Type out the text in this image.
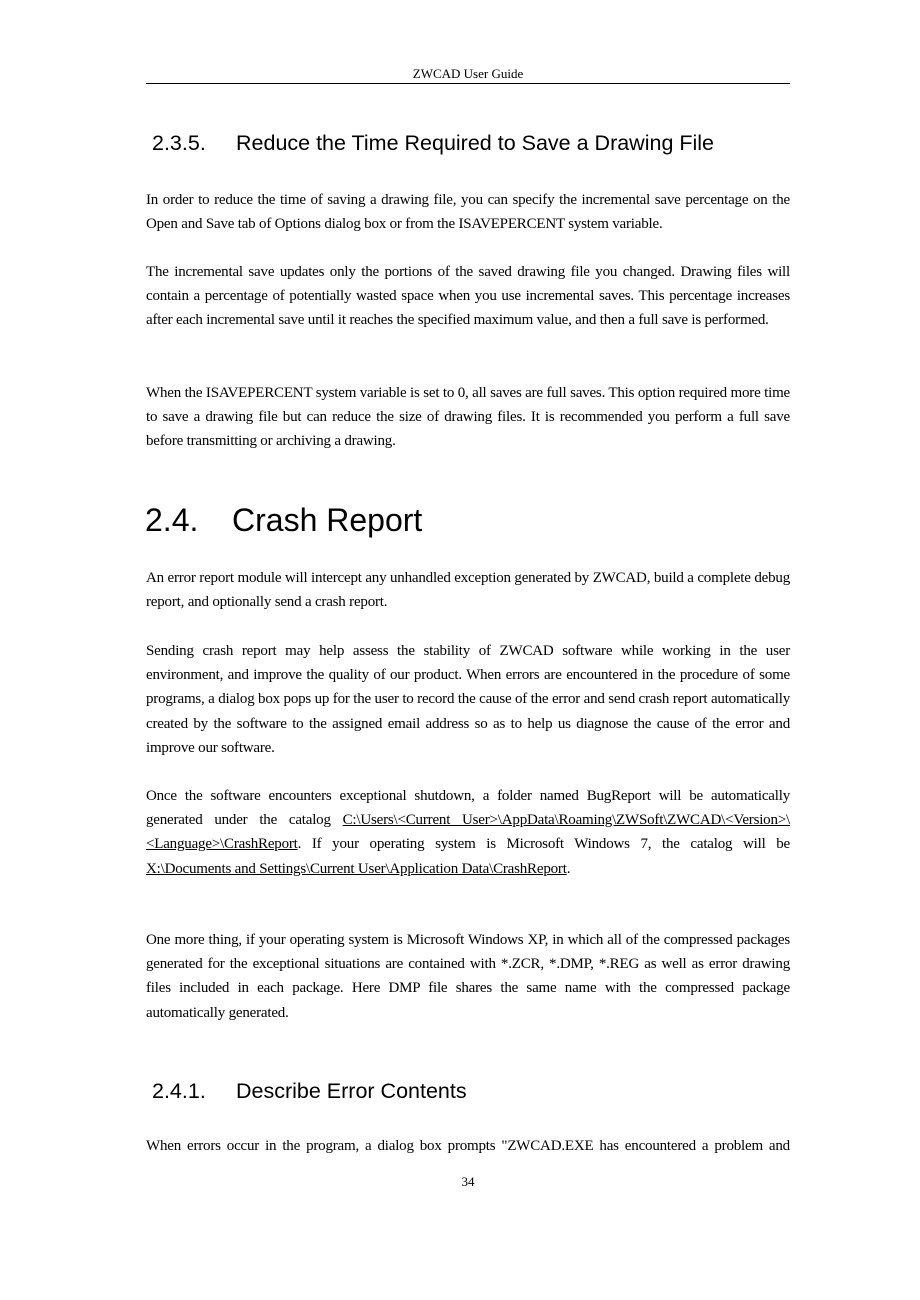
ZWCAD User Guide
2.3.5. Reduce the Time Required to Save a Drawing File

In order to reduce the time of saving a drawing file, you can specify the incremental save percentage on the Open and Save tab of Options dialog box or from the ISAVEPERCENT system variable.

The incremental save updates only the portions of the saved drawing file you changed. Drawing files will contain a percentage of potentially wasted space when you use incremental saves. This percentage increases after each incremental save until it reaches the specified maximum value, and then a full save is performed.

When the ISAVEPERCENT system variable is set to 0, all saves are full saves. This option required more time to save a drawing file but can reduce the size of drawing files. It is recommended you perform a full save before transmitting or archiving a drawing.

2.4. Crash Report

An error report module will intercept any unhandled exception generated by ZWCAD, build a complete debug report, and optionally send a crash report.

Sending crash report may help assess the stability of ZWCAD software while working in the user environment, and improve the quality of our product. When errors are encountered in the procedure of some programs, a dialog box pops up for the user to record the cause of the error and send crash report automatically created by the software to the assigned email address so as to help us diagnose the cause of the error and improve our software.

Once the software encounters exceptional shutdown, a folder named BugReport will be automatically generated under the catalog C:\Users\<Current User>\AppData\Roaming\ZWSoft\ZWCAD\<Version>\<Language>\CrashReport. If your operating system is Microsoft Windows 7, the catalog will be X:\Documents and Settings\Current User\Application Data\CrashReport.

One more thing, if your operating system is Microsoft Windows XP, in which all of the compressed packages generated for the exceptional situations are contained with *.ZCR, *.DMP, *.REG as well as error drawing files included in each package. Here DMP file shares the same name with the compressed package automatically generated.

2.4.1. Describe Error Contents

When errors occur in the program, a dialog box prompts "ZWCAD.EXE has encountered a problem and

34
